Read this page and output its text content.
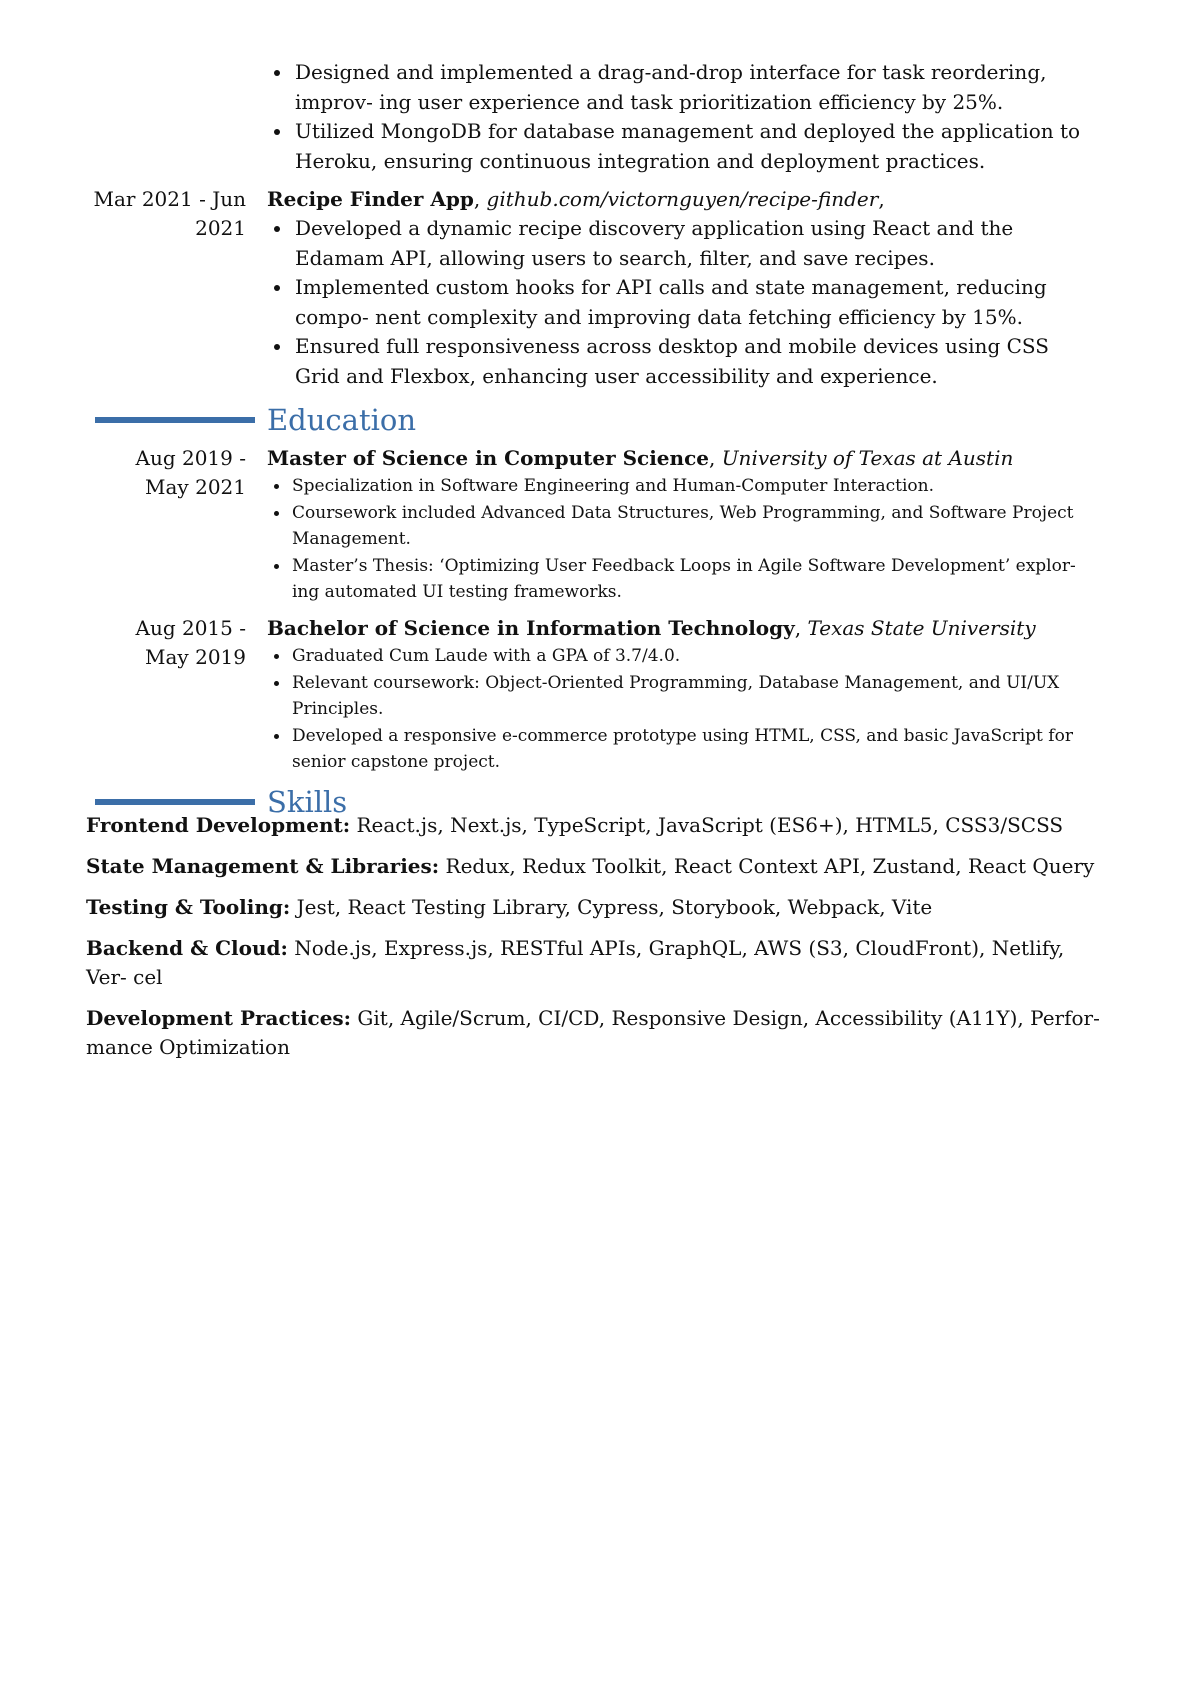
Designed and implemented a drag-and-drop interface for task reordering, improv- ing user experience and task prioritization efficiency by 25%.
Utilized MongoDB for database management and deployed the application to Heroku, ensuring continuous integration and deployment practices.
Mar 2021 - Jun 2021
Recipe Finder App, github.com/victornguyen/recipe-finder,
Developed a dynamic recipe discovery application using React and the Edamam API, allowing users to search, filter, and save recipes.
Implemented custom hooks for API calls and state management, reducing compo- nent complexity and improving data fetching efficiency by 15%.
Ensured full responsiveness across desktop and mobile devices using CSS Grid and Flexbox, enhancing user accessibility and experience.
Education
Aug 2019 - May 2021
Master of Science in Computer Science, University of Texas at Austin
Specialization in Software Engineering and Human-Computer Interaction.
Coursework included Advanced Data Structures, Web Programming, and Software Project Management.
Master’s Thesis: ‘Optimizing User Feedback Loops in Agile Software Development’ explor- ing automated UI testing frameworks.
Aug 2015 - May 2019
Bachelor of Science in Information Technology, Texas State University
Graduated Cum Laude with a GPA of 3.7/4.0.
Relevant coursework: Object-Oriented Programming, Database Management, and UI/UX Principles.
Developed a responsive e-commerce prototype using HTML, CSS, and basic JavaScript for senior capstone project.
Skills
Frontend Development: React.js, Next.js, TypeScript, JavaScript (ES6+), HTML5, CSS3/SCSS
State Management & Libraries: Redux, Redux Toolkit, React Context API, Zustand, React Query
Testing & Tooling: Jest, React Testing Library, Cypress, Storybook, Webpack, Vite
Backend & Cloud: Node.js, Express.js, RESTful APIs, GraphQL, AWS (S3, CloudFront), Netlify, Ver- cel
Development Practices: Git, Agile/Scrum, CI/CD, Responsive Design, Accessibility (A11Y), Perfor- mance Optimization
